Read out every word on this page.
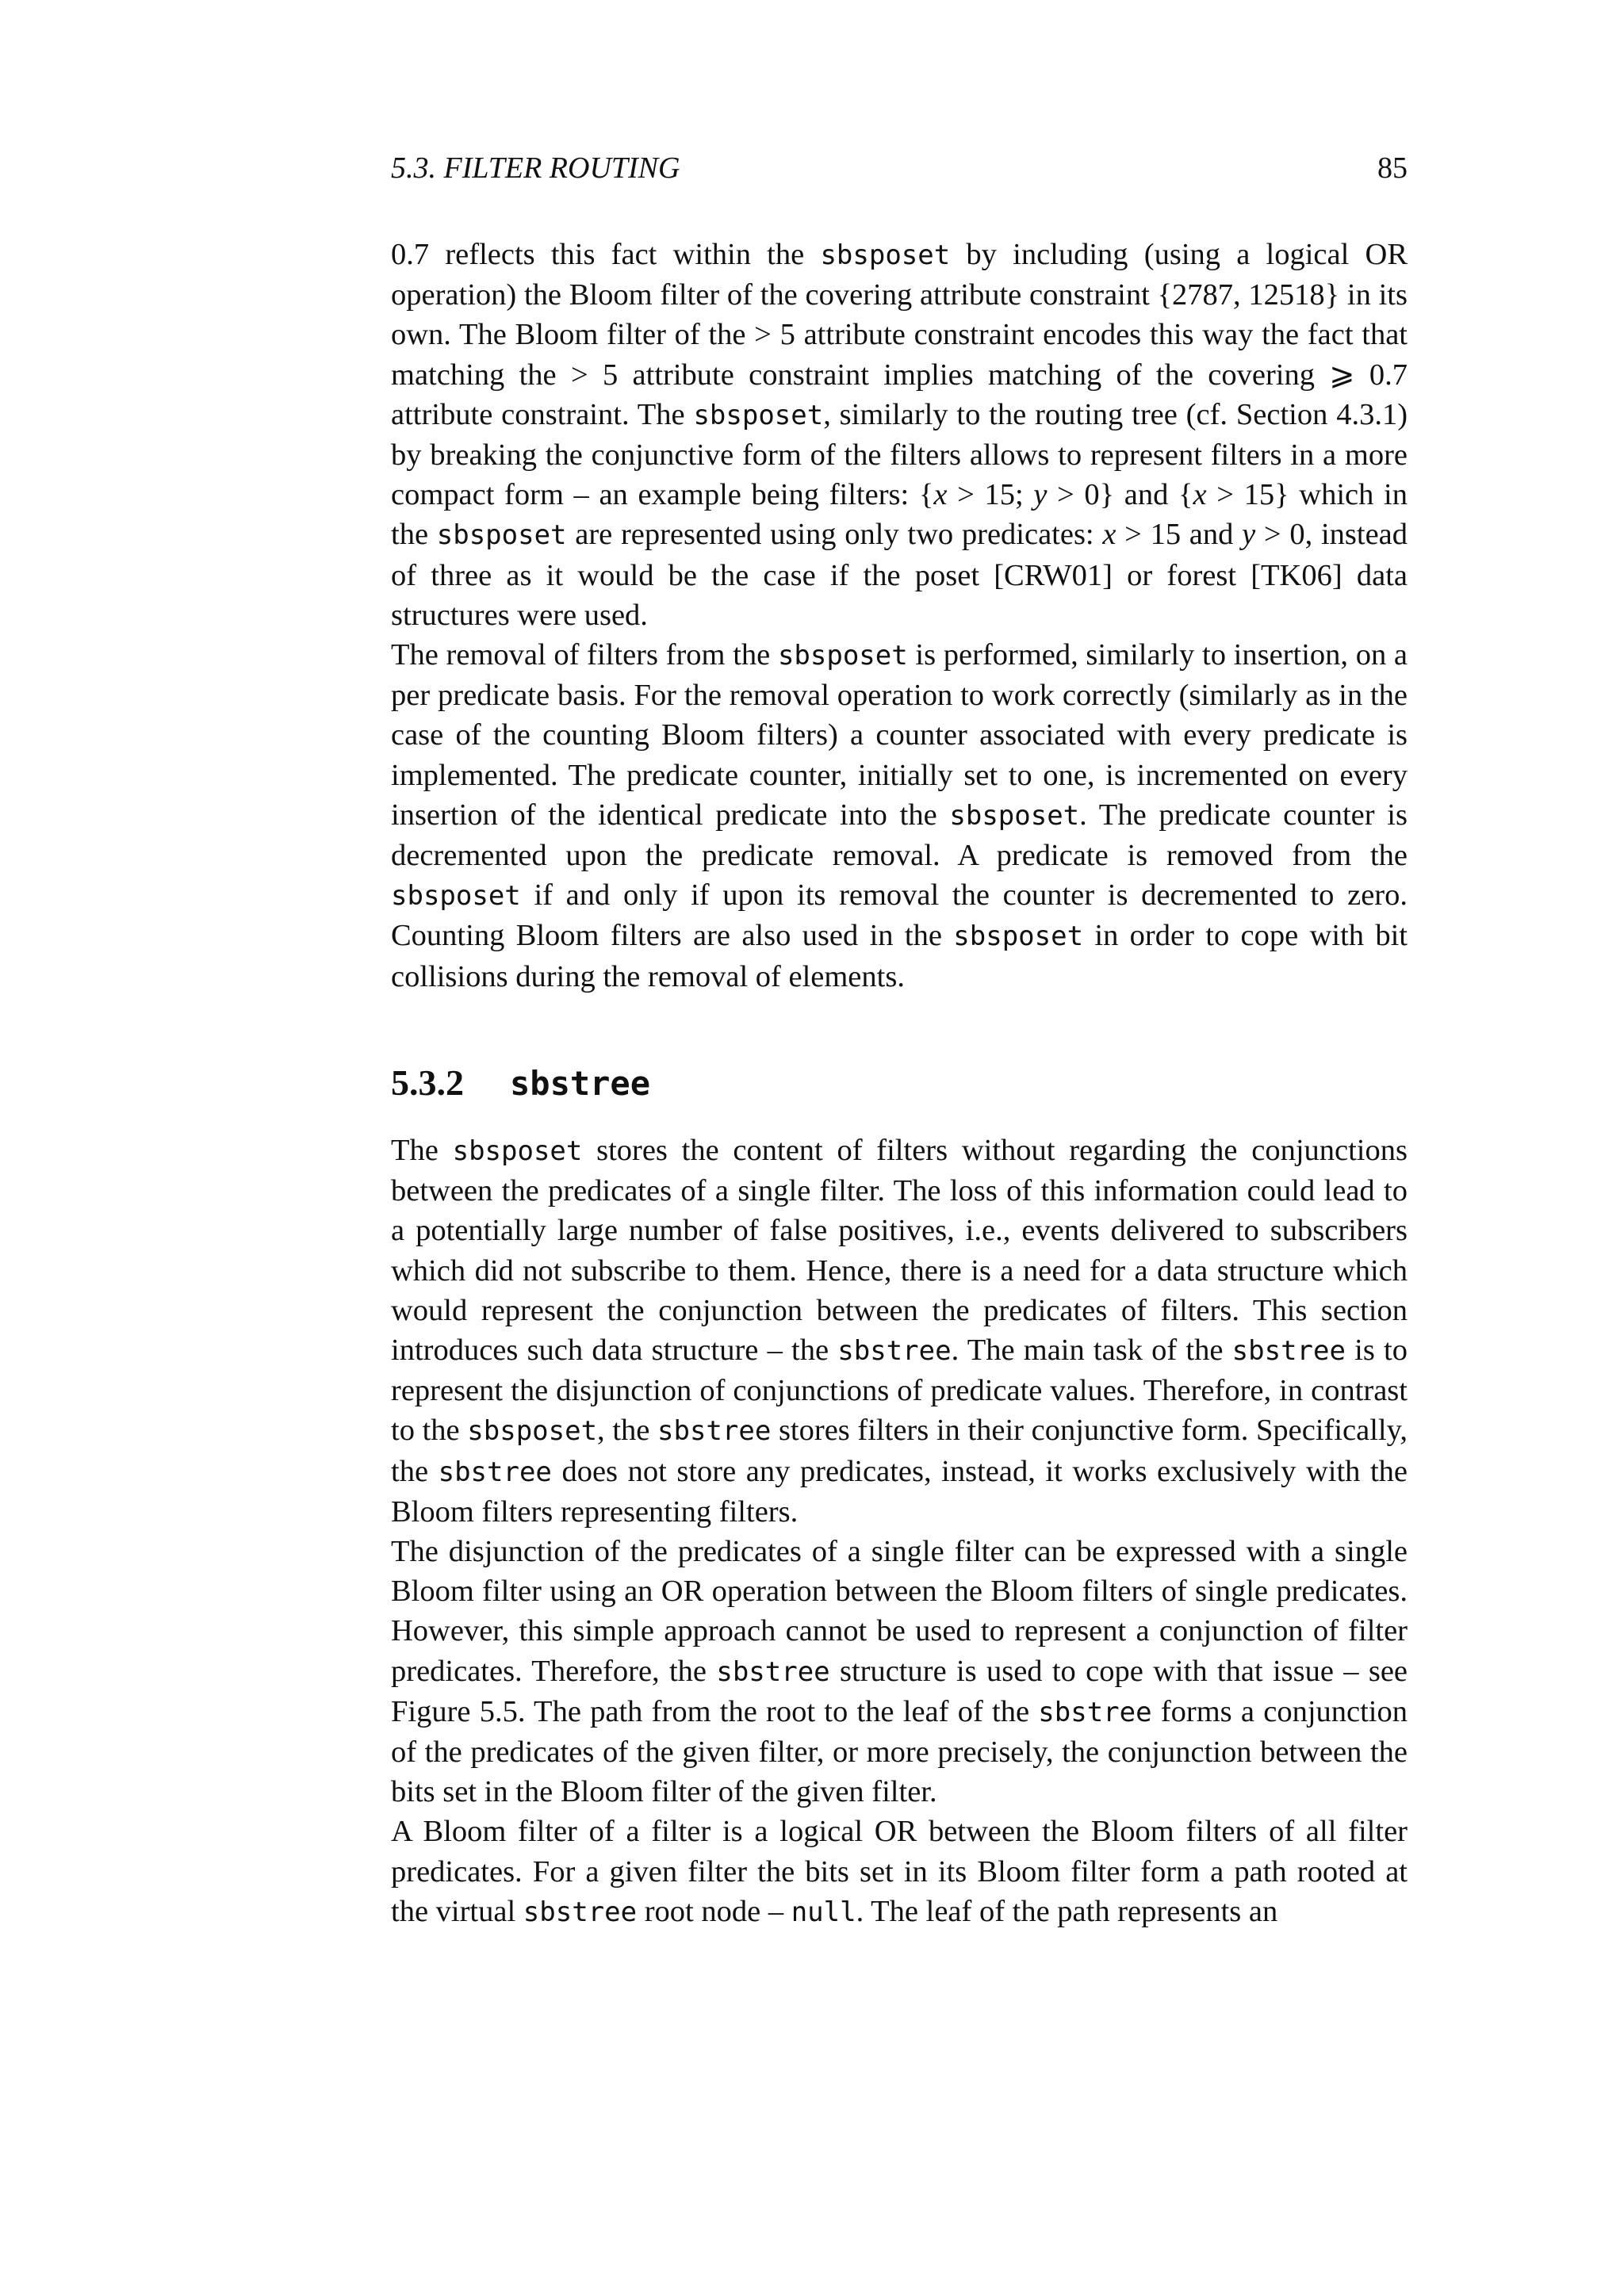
5.3. FILTER ROUTING	85

0.7 reflects this fact within the sbsposet by including (using a logical OR operation) the Bloom filter of the covering attribute constraint {2787, 12518} in its own. The Bloom filter of the > 5 attribute constraint encodes this way the fact that matching the > 5 attribute constraint implies matching of the covering ⩾ 0.7 attribute constraint. The sbsposet, similarly to the routing tree (cf. Section 4.3.1) by breaking the conjunctive form of the filters allows to represent filters in a more compact form – an example being filters: {x > 15; y > 0} and {x > 15} which in the sbsposet are represented using only two predicates: x > 15 and y > 0, instead of three as it would be the case if the poset [CRW01] or forest [TK06] data structures were used.

The removal of filters from the sbsposet is performed, similarly to insertion, on a per predicate basis. For the removal operation to work correctly (similarly as in the case of the counting Bloom filters) a counter associated with every predicate is implemented. The predicate counter, initially set to one, is incremented on every insertion of the identical predicate into the sbsposet. The predicate counter is decremented upon the predicate removal. A predicate is removed from the sbsposet if and only if upon its removal the counter is decremented to zero. Counting Bloom filters are also used in the sbsposet in order to cope with bit collisions during the removal of elements.

5.3.2 sbstree

The sbsposet stores the content of filters without regarding the conjunctions between the predicates of a single filter. The loss of this information could lead to a potentially large number of false positives, i.e., events delivered to subscribers which did not subscribe to them. Hence, there is a need for a data structure which would represent the conjunction between the predicates of filters. This section introduces such data structure – the sbstree. The main task of the sbstree is to represent the disjunction of conjunctions of predicate values. Therefore, in contrast to the sbsposet, the sbstree stores filters in their conjunctive form. Specifically, the sbstree does not store any predicates, instead, it works exclusively with the Bloom filters representing filters.

The disjunction of the predicates of a single filter can be expressed with a single Bloom filter using an OR operation between the Bloom filters of single predicates. However, this simple approach cannot be used to represent a conjunction of filter predicates. Therefore, the sbstree structure is used to cope with that issue – see Figure 5.5. The path from the root to the leaf of the sbstree forms a conjunction of the predicates of the given filter, or more precisely, the conjunction between the bits set in the Bloom filter of the given filter.

A Bloom filter of a filter is a logical OR between the Bloom filters of all filter predicates. For a given filter the bits set in its Bloom filter form a path rooted at the virtual sbstree root node – null. The leaf of the path represents an
